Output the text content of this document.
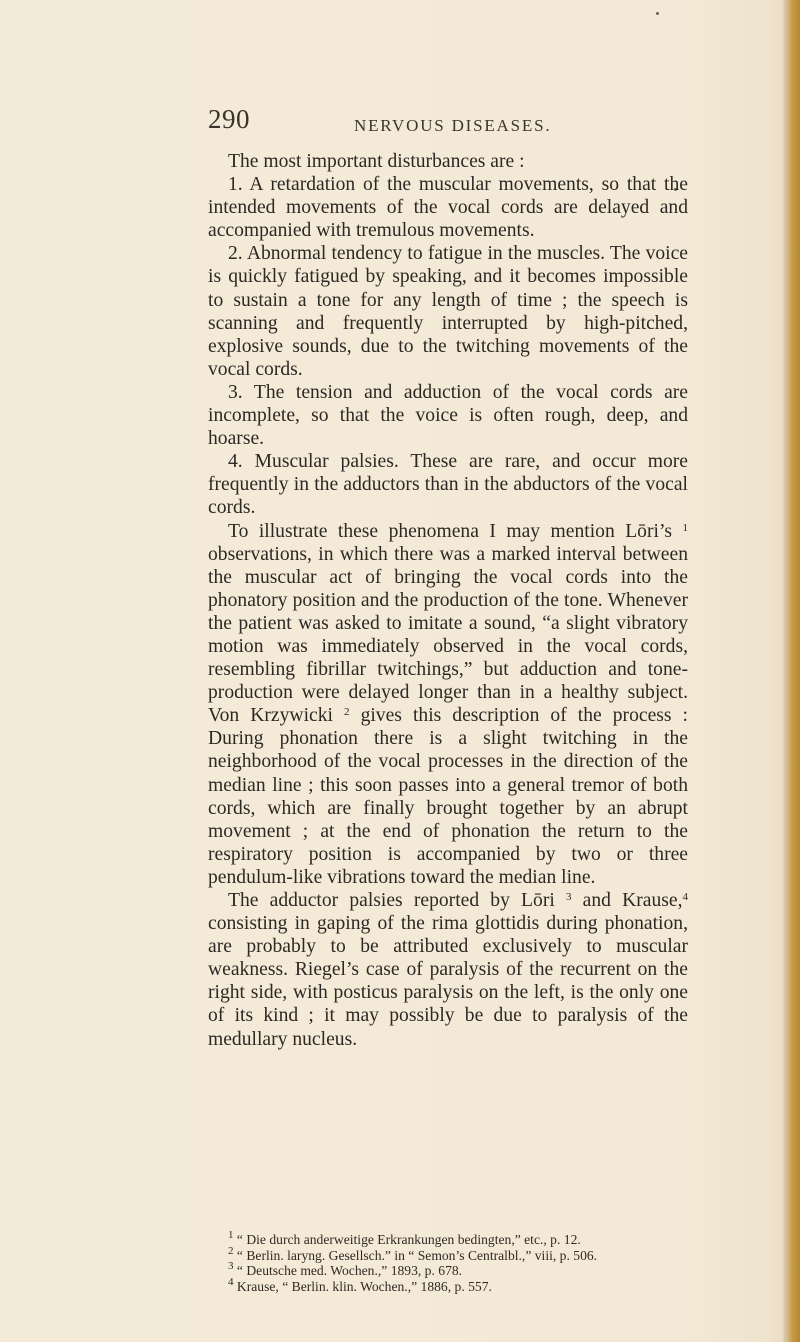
290	NERVOUS DISEASES.

The most important disturbances are :

1. A retardation of the muscular movements, so that the intended movements of the vocal cords are delayed and accompanied with tremulous movements.

2. Abnormal tendency to fatigue in the muscles. The voice is quickly fatigued by speaking, and it becomes impossible to sustain a tone for any length of time ; the speech is scanning and frequently interrupted by high-pitched, explosive sounds, due to the twitching movements of the vocal cords.

3. The tension and adduction of the vocal cords are incomplete, so that the voice is often rough, deep, and hoarse.

4. Muscular palsies. These are rare, and occur more frequently in the adductors than in the abductors of the vocal cords.

To illustrate these phenomena I may mention Lōri’s $^1$ observations, in which there was a marked interval between the muscular act of bringing the vocal cords into the phonatory position and the production of the tone. Whenever the patient was asked to imitate a sound, “a slight vibratory motion was immediately observed in the vocal cords, resembling fibrillar twitchings,” but adduction and tone-production were delayed longer than in a healthy subject. Von Krzywicki $^2$ gives this description of the process : During phonation there is a slight twitching in the neighborhood of the vocal processes in the direction of the median line ; this soon passes into a general tremor of both cords, which are finally brought together by an abrupt movement ; at the end of phonation the return to the respiratory position is accompanied by two or three pendulum-like vibrations toward the median line.

The adductor palsies reported by Lōri $^3$ and Krause,$^4$ consisting in gaping of the rima glottidis during phonation, are probably to be attributed exclusively to muscular weakness. Riegel’s case of paralysis of the recurrent on the right side, with posticus paralysis on the left, is the only one of its kind ; it may possibly be due to paralysis of the medullary nucleus.

$^1$ “ Die durch anderweitige Erkrankungen bedingten,” etc., p. 12.

$^2$ “ Berlin. laryng. Gesellsch.” in “ Semon’s Centralbl.,” viii, p. 506.

$^3$ “ Deutsche med. Wochen.,” 1893, p. 678.

$^4$ Krause, “ Berlin. klin. Wochen.,” 1886, p. 557.
